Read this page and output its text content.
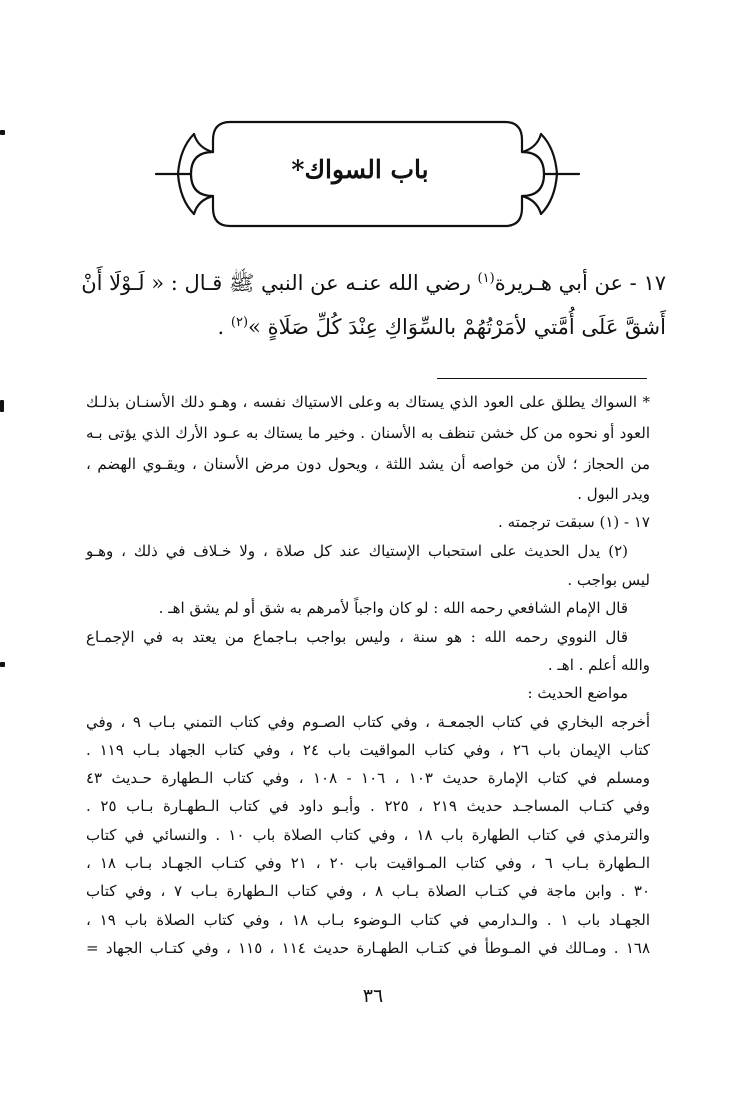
باب السواك*
١٧ - عن أبي هـريرة$^{(١)}$ رضي الله عنـه عن النبي ﷺ قـال : « لَـوْلَا أَنْ
أَشقَّ عَلَى أُمَّتي لأمَرْتُهُمْ بالسِّوَاكِ عِنْدَ كُلِّ صَلَاةٍ »$^{(٢)}$ .
* السواك يطلق على العود الذي يستاك به وعلى الاستياك نفسه ، وهـو دلك الأسنـان بذلـك
العود أو نحوه من كل خشن تنظف به الأسنان . وخير ما يستاك به عـود الأرك الذي يؤتى بـه
من الحجاز ؛ لأن من خواصه أن يشد اللثة ، ويحول دون مرض الأسنان ، ويقـوي الهضم ،
ويدر البول .
١٧ - (١) سبقت ترجمته .
(٢) يدل الحديث على استحباب الإستياك عند كل صلاة ، ولا خـلاف في ذلك ، وهـو
ليس بواجب .
قال الإمام الشافعي رحمه الله : لو كان واجباً لأمرهم به شق أو لم يشق اهـ .
قال النووي رحمه الله : هو سنة ، وليس بواجب بـاجماع من يعتد به في الإجمـاع
والله أعلم . اهـ .
مواضع الحديث :
أخرجه البخاري في كتاب الجمعـة ، وفي كتاب الصـوم وفي كتاب التمني بـاب ٩ ، وفي
كتاب الإيمان باب ٢٦ ، وفي كتاب المواقيت باب ٢٤ ، وفي كتاب الجهاد بـاب ١١٩ .
ومسلم في كتاب الإمارة حديث ١٠٣ ، ١٠٦ - ١٠٨ ، وفي كتاب الـطهارة حـديث ٤٣
وفي كتـاب المساجـد حديث ٢١٩ ، ٢٢٥ . وأبـو داود في كتاب الـطهـارة بـاب ٢٥ .
والترمذي في كتاب الطهارة باب ١٨ ، وفي كتاب الصلاة باب ١٠ . والنسائي في كتاب
الـطهارة بـاب ٦ ، وفي كتاب المـواقيت باب ٢٠ ، ٢١ وفي كتـاب الجهـاد بـاب ١٨ ،
٣٠ . وابن ماجة في كتـاب الصلاة بـاب ٨ ، وفي كتاب الـطهارة بـاب ٧ ، وفي كتاب
الجهـاد باب ١ . والـدارمي في كتاب الـوضوء بـاب ١٨ ، وفي كتاب الصلاة باب ١٩ ،
١٦٨ . ومـالك في المـوطأ في كتـاب الطهـارة حديث ١١٤ ، ١١٥ ، وفي كتـاب الجهاد =
٣٦
